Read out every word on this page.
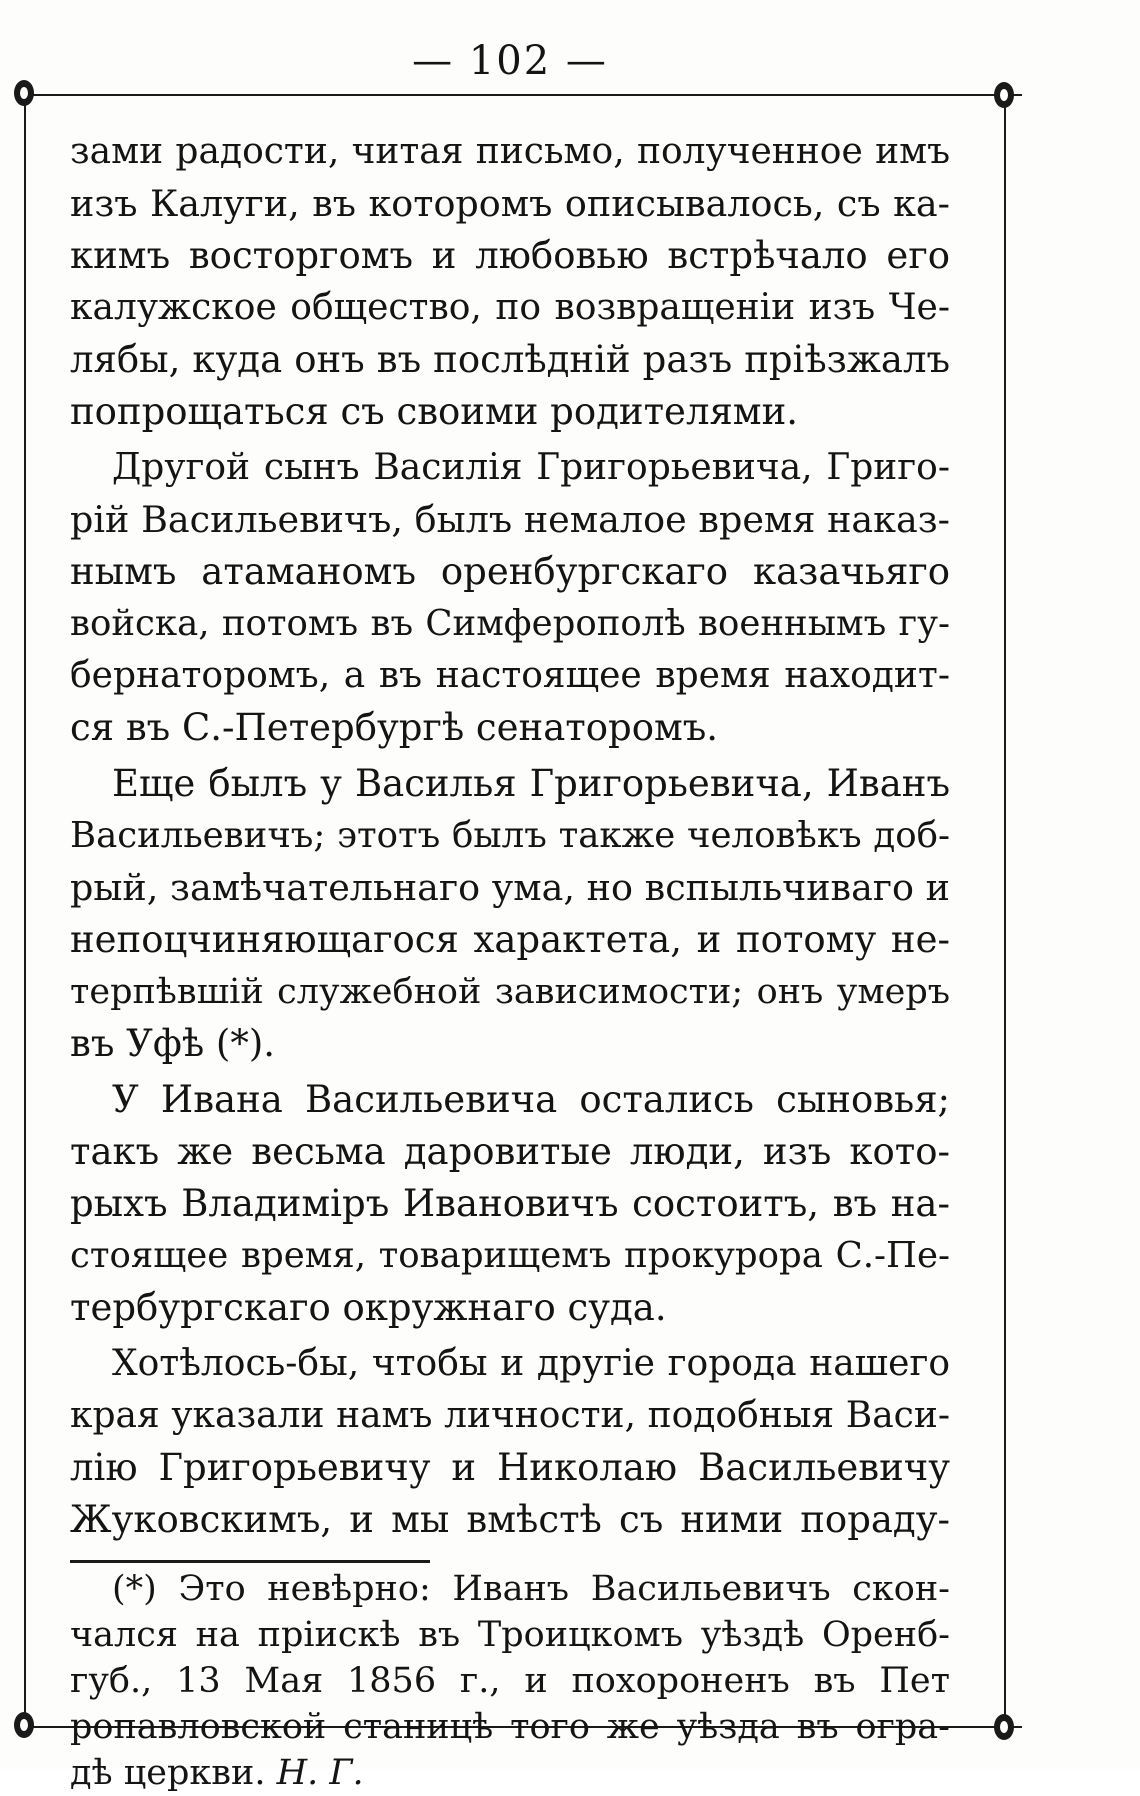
— 102 —
зами радости, читая письмо, полученное имъ
изъ Калуги, въ которомъ описывалось, съ ка-
кимъ восторгомъ и любовью встрѣчало его
калужское общество, по возвращеніи изъ Че-
лябы, куда онъ въ послѣдній разъ пріѣзжалъ
попрощаться съ своими родителями.
Другой сынъ Василія Григорьевича, Григо-
рій Васильевичъ, былъ немалое время наказ-
нымъ атаманомъ оренбургскаго казачьяго
войска, потомъ въ Симферополѣ военнымъ гу-
бернаторомъ, а въ настоящее время находит-
ся въ С.-Петербургѣ сенаторомъ.
Еще былъ у Василья Григорьевича, Иванъ
Васильевичъ; этотъ былъ также человѣкъ доб-
рый, замѣчательнаго ума, но вспыльчиваго и
непоцчиняющагося характета, и потому не-
терпѣвшій служебной зависимости; онъ умеръ
въ Уфѣ (*).
У Ивана Васильевича остались сыновья;
такъ же весьма даровитые люди, изъ кото-
рыхъ Владиміръ Ивановичъ состоитъ, въ на-
стоящее время, товарищемъ прокурора С.-Пе-
тербургскаго окружнаго суда.
Хотѣлось-бы, чтобы и другіе города нашего
края указали намъ личности, подобныя Васи-
лію Григорьевичу и Николаю Васильевичу
Жуковскимъ, и мы вмѣстѣ съ ними пораду-
(*) Это невѣрно: Иванъ Васильевичъ скон-
чался на пріискѣ въ Троицкомъ уѣздѣ Оренб-
губ., 13 Мая 1856 г., и похороненъ въ Пет
ропавловской станицѣ того же уѣзда въ огра-
дѣ церкви. Н. Г.
